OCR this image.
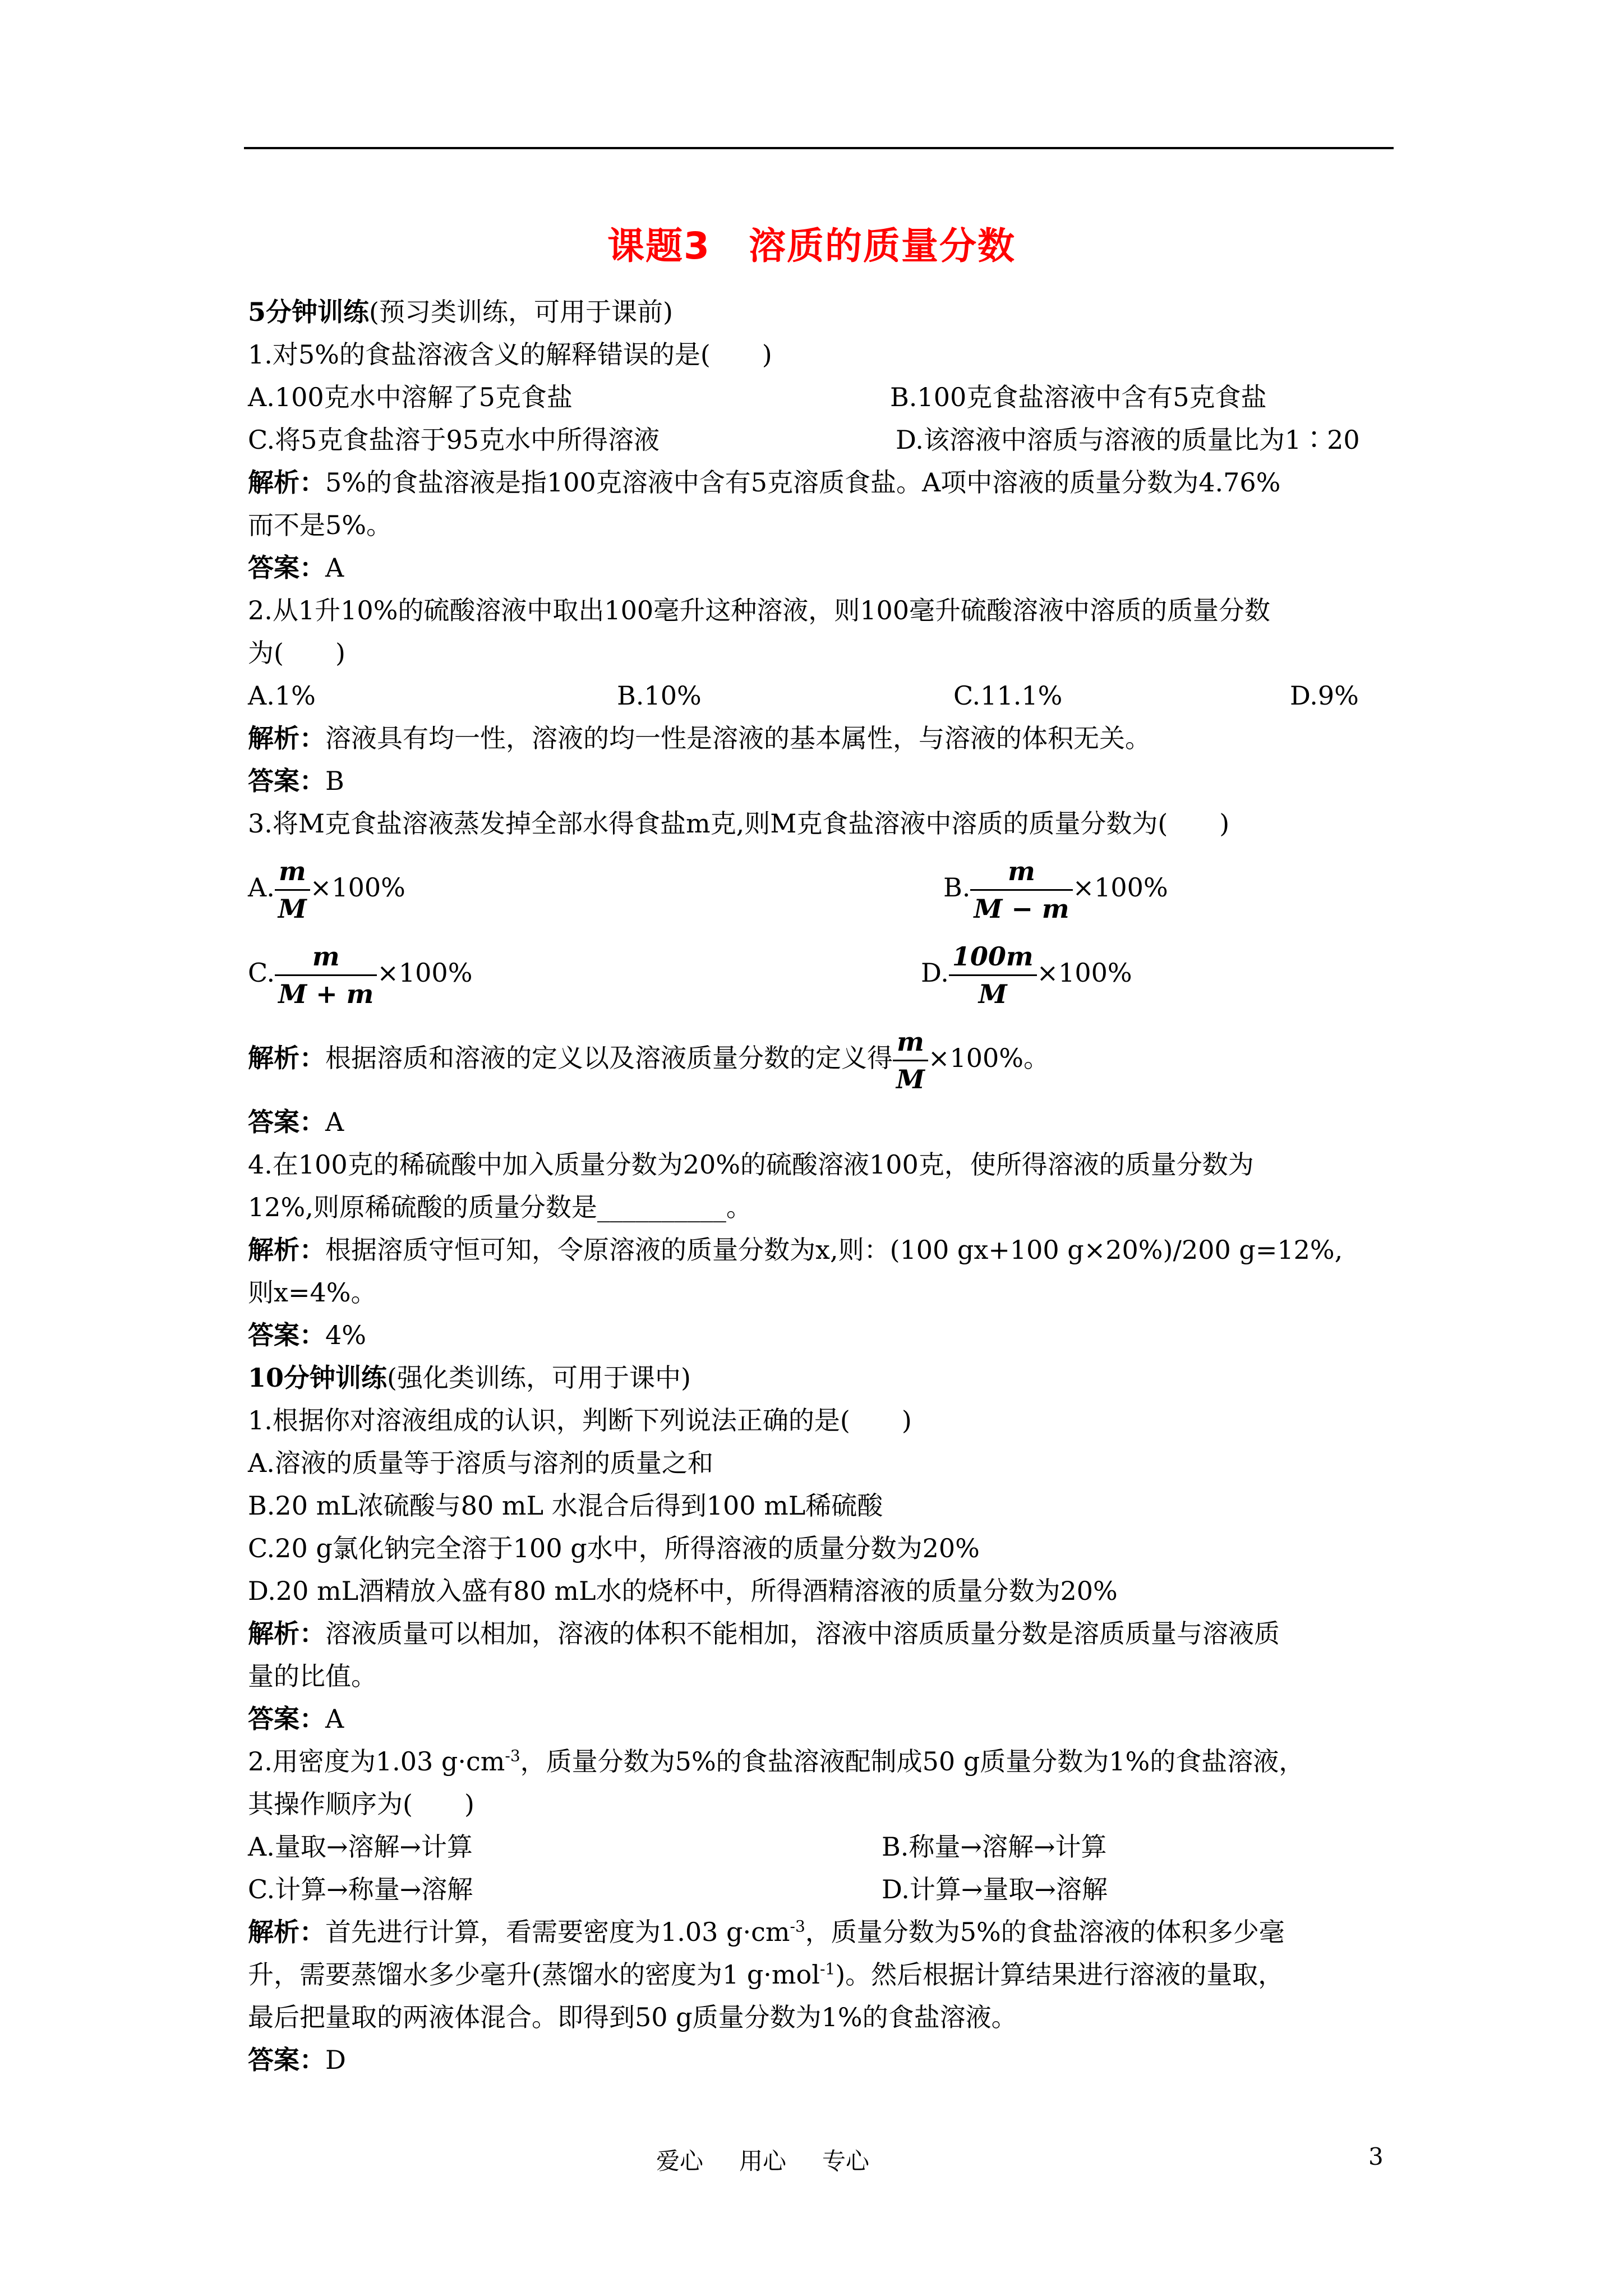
课题3　溶质的质量分数
5分钟训练(预习类训练，可用于课前)
1.对5%的食盐溶液含义的解释错误的是(　　)
A.100克水中溶解了5克食盐	B.100克食盐溶液中含有5克食盐
C.将5克食盐溶于95克水中所得溶液	D.该溶液中溶质与溶液的质量比为1∶20
解析：5%的食盐溶液是指100克溶液中含有5克溶质食盐。A项中溶液的质量分数为4.76%
而不是5%。
答案：A
2.从1升10%的硫酸溶液中取出100毫升这种溶液，则100毫升硫酸溶液中溶质的质量分数
为(　　)
A.1%	B.10%	C.11.1%	D.9%
解析：溶液具有均一性，溶液的均一性是溶液的基本属性，与溶液的体积无关。
答案：B
3.将M克食盐溶液蒸发掉全部水得食盐m克,则M克食盐溶液中溶质的质量分数为(　　)
A. $\frac{m}{M} \times 100\%$	B. $\frac{m}{M - m} \times 100\%$
C. $\frac{m}{M + m} \times 100\%$	D. $\frac{100m}{M} \times 100\%$
解析：根据溶质和溶液的定义以及溶液质量分数的定义得 $\frac{m}{M} \times 100\%$。
答案：A
4.在100克的稀硫酸中加入质量分数为20%的硫酸溶液100克，使所得溶液的质量分数为
12%,则原稀硫酸的质量分数是__________。
解析：根据溶质守恒可知，令原溶液的质量分数为x,则：(100 gx+100 g×20%)/200 g=12%,
则x=4%。
答案：4%
10分钟训练(强化类训练，可用于课中)
1.根据你对溶液组成的认识，判断下列说法正确的是(　　)
A.溶液的质量等于溶质与溶剂的质量之和
B.20 mL浓硫酸与80 mL 水混合后得到100 mL稀硫酸
C.20 g氯化钠完全溶于100 g水中，所得溶液的质量分数为20%
D.20 mL酒精放入盛有80 mL水的烧杯中，所得酒精溶液的质量分数为20%
解析：溶液质量可以相加，溶液的体积不能相加，溶液中溶质质量分数是溶质质量与溶液质
量的比值。
答案：A
2.用密度为1.03 $g\cdot cm^{-3}$，质量分数为5%的食盐溶液配制成50 g质量分数为1%的食盐溶液，
其操作顺序为(　　)
A.量取→溶解→计算	B.称量→溶解→计算
C.计算→称量→溶解	D.计算→量取→溶解
解析：首先进行计算，看需要密度为1.03 $g\cdot cm^{-3}$，质量分数为5%的食盐溶液的体积多少毫
升，需要蒸馏水多少毫升(蒸馏水的密度为1 g·mol$^{-1}$)。然后根据计算结果进行溶液的量取，
最后把量取的两液体混合。即得到50 g质量分数为1%的食盐溶液。
答案：D
爱心 用心 专心	3
